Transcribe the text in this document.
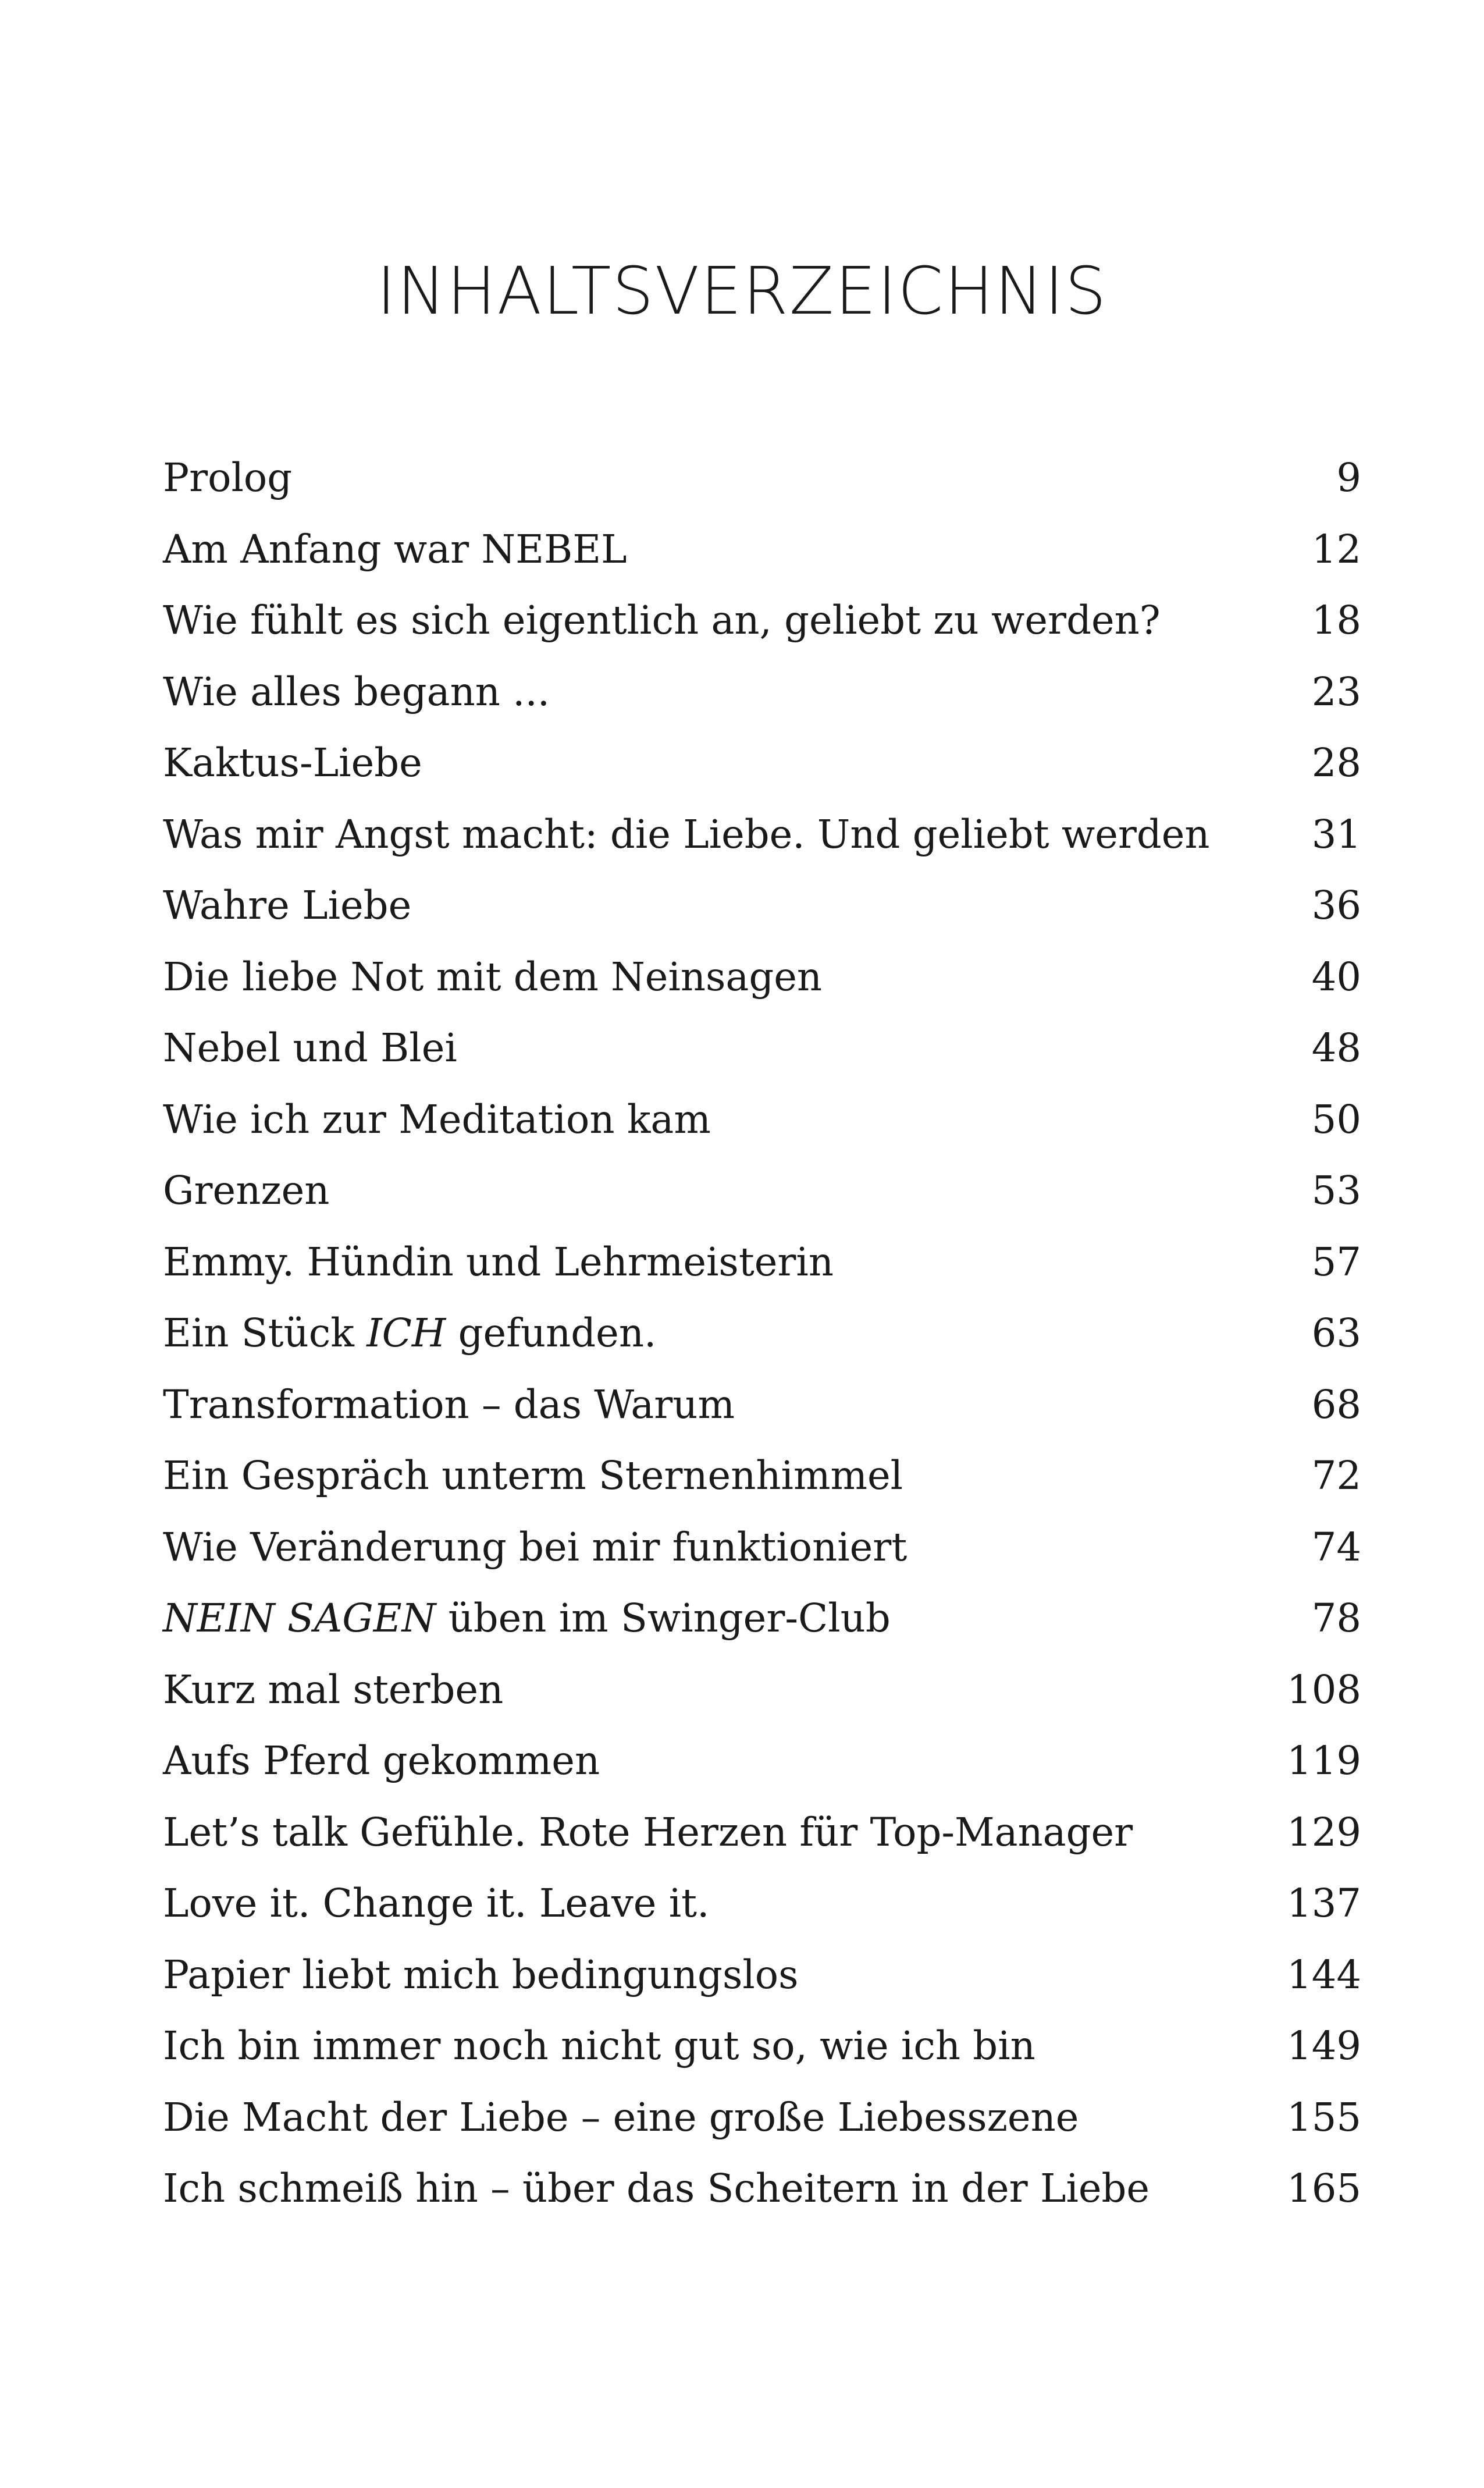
INHALTSVERZEICHNIS
Prolog	9
Am Anfang war NEBEL	12
Wie fühlt es sich eigentlich an, geliebt zu werden?	18
Wie alles begann ...	23
Kaktus-Liebe	28
Was mir Angst macht: die Liebe. Und geliebt werden	31
Wahre Liebe	36
Die liebe Not mit dem Neinsagen	40
Nebel und Blei	48
Wie ich zur Meditation kam	50
Grenzen	53
Emmy. Hündin und Lehrmeisterin	57
Ein Stück ICH gefunden.	63
Transformation – das Warum	68
Ein Gespräch unterm Sternenhimmel	72
Wie Veränderung bei mir funktioniert	74
NEIN SAGEN üben im Swinger-Club	78
Kurz mal sterben	108
Aufs Pferd gekommen	119
Let’s talk Gefühle. Rote Herzen für Top-Manager	129
Love it. Change it. Leave it.	137
Papier liebt mich bedingungslos	144
Ich bin immer noch nicht gut so, wie ich bin	149
Die Macht der Liebe – eine große Liebesszene	155
Ich schmeiß hin – über das Scheitern in der Liebe	165
